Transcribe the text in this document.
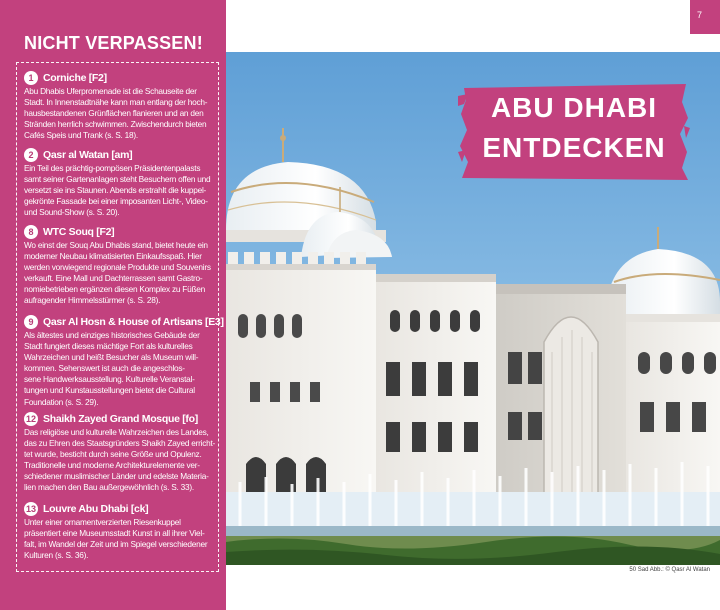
NICHT VERPASSEN!
1 Corniche [F2]
Abu Dhabis Uferpromenade ist die Schauseite der
Stadt. In Innenstadtnähe kann man entlang der hoch-
hausbestandenen Grünflächen flanieren und an den
Stränden herrlich schwimmen. Zwischendurch bieten
Cafés Speis und Trank (s. S. 18).
2 Qasr al Watan [am]
Ein Teil des prächtig-pompösen Präsidentenpalasts
samt seiner Gartenanlagen steht Besuchern offen und
versetzt sie ins Staunen. Abends erstrahlt die kuppel-
gekrönte Fassade bei einer imposanten Licht-, Video-
und Sound-Show (s. S. 20).
8 WTC Souq [F2]
Wo einst der Souq Abu Dhabis stand, bietet heute ein
moderner Neubau klimatisierten Einkaufsspaß. Hier
werden vorwiegend regionale Produkte und Souvenirs
verkauft. Eine Mall und Dachterrassen samt Gastro-
nomiebetrieben ergänzen diesen Komplex zu Füßen
aufragender Himmelsstürmer (s. S. 28).
9 Qasr Al Hosn & House of Artisans [E3]
Als ältestes und einziges historisches Gebäude der
Stadt fungiert dieses mächtige Fort als kulturelles
Wahrzeichen und heißt Besucher als Museum will-
kommen. Sehenswert ist auch die angeschlos-
sene Handwerksausstellung. Kulturelle Veranstal-
tungen und Kunstausstellungen bietet die Cultural
Foundation (s. S. 29).
12 Shaikh Zayed Grand Mosque [fo]
Das religiöse und kulturelle Wahrzeichen des Landes,
das zu Ehren des Staatsgründers Shaikh Zayed erricht-
tet wurde, besticht durch seine Größe und Opulenz.
Traditionelle und moderne Architekturelemente ver-
schiedener muslimischer Länder und edelste Materia-
lien machen den Bau außergewöhnlich (s. S. 33).
13 Louvre Abu Dhabi [ck]
Unter einer ornamentverzierten Riesenkuppel
präsentiert eine Museumsstadt Kunst in all ihrer Viel-
falt, im Wandel der Zeit und im Spiegel verschiedener
Kulturen (s. S. 36).
7
ABU DHABI
ENTDECKEN
50 Sad Abb.: © Qasr Al Watan
